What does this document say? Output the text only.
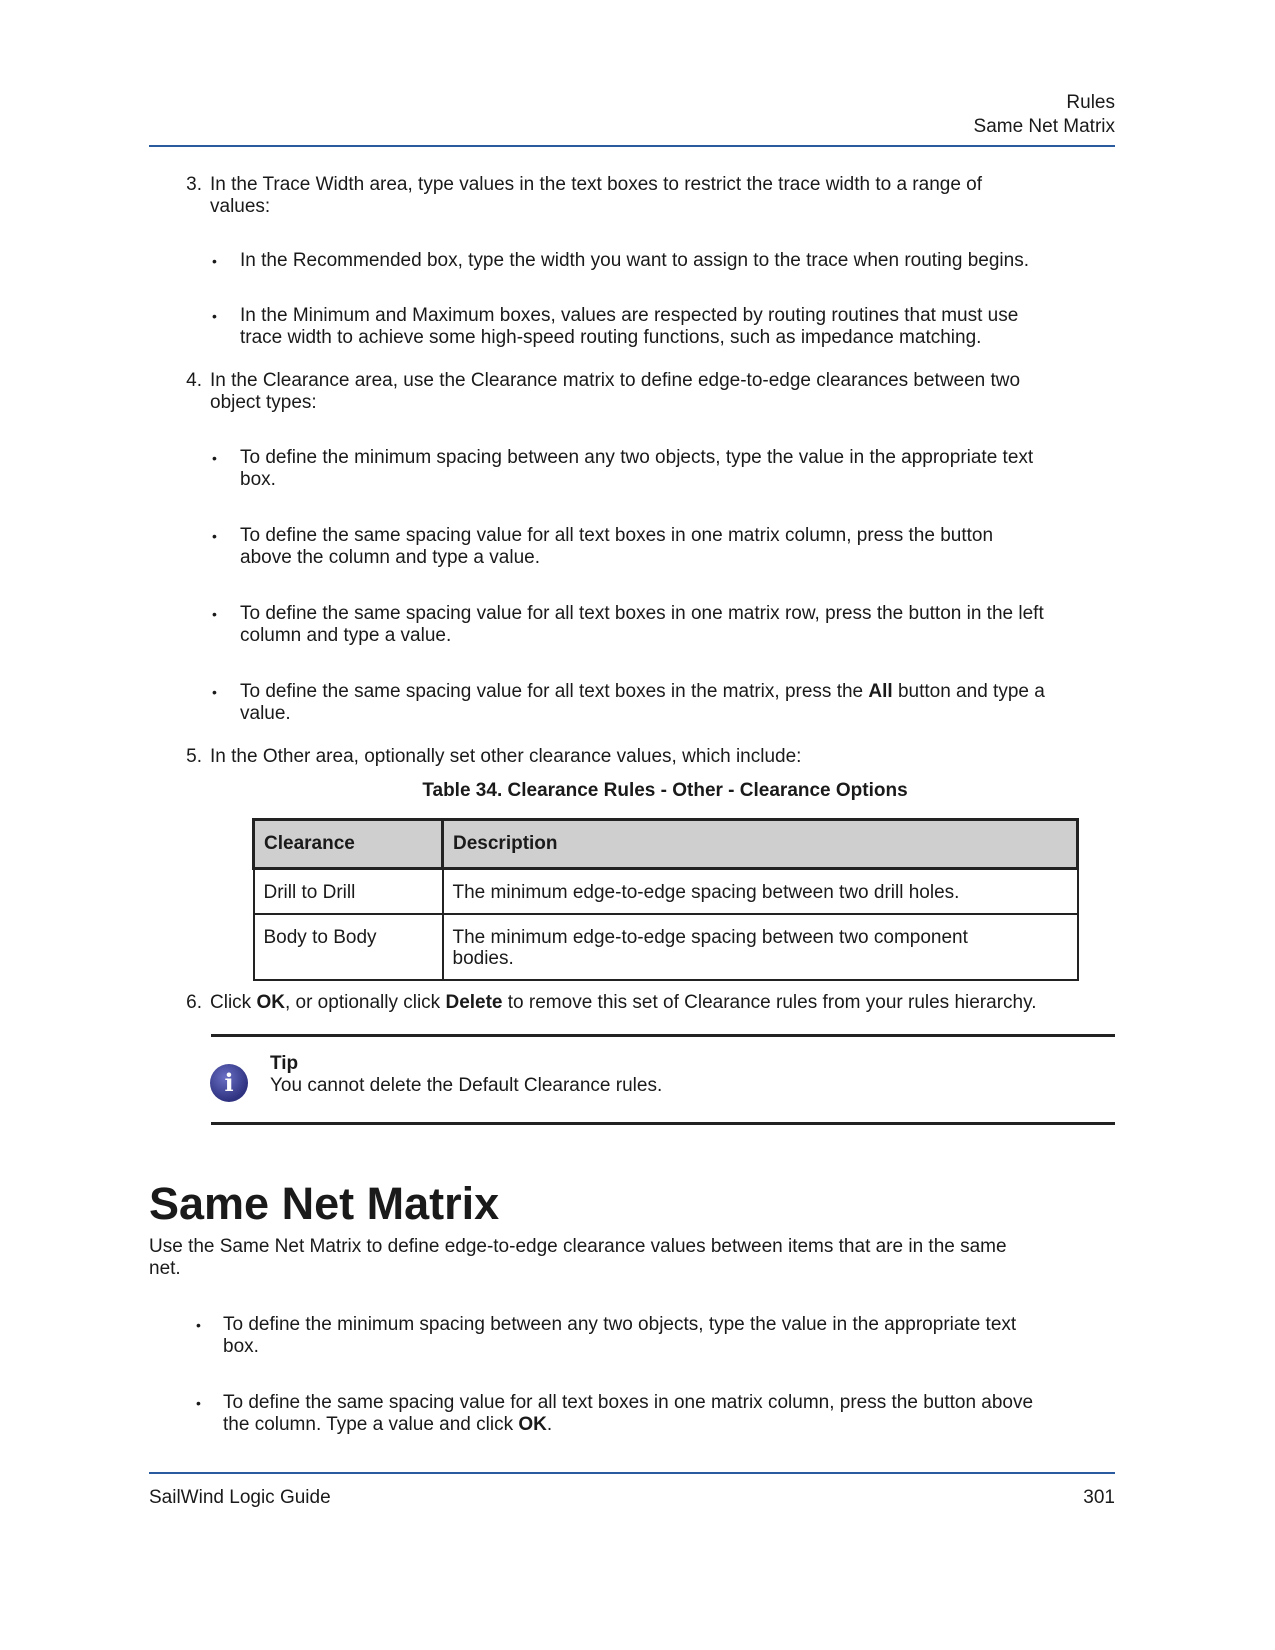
Rules
Same Net Matrix
3. In the Trace Width area, type values in the text boxes to restrict the trace width to a range of
values:
• In the Recommended box, type the width you want to assign to the trace when routing begins.
• In the Minimum and Maximum boxes, values are respected by routing routines that must use
trace width to achieve some high-speed routing functions, such as impedance matching.
4. In the Clearance area, use the Clearance matrix to define edge-to-edge clearances between two
object types:
• To define the minimum spacing between any two objects, type the value in the appropriate text
box.
• To define the same spacing value for all text boxes in one matrix column, press the button
above the column and type a value.
• To define the same spacing value for all text boxes in one matrix row, press the button in the left
column and type a value.
• To define the same spacing value for all text boxes in the matrix, press the All button and type a
value.
5. In the Other area, optionally set other clearance values, which include:
Table 34. Clearance Rules - Other - Clearance Options
Clearance	Description
Drill to Drill	The minimum edge-to-edge spacing between two drill holes.
Body to Body	The minimum edge-to-edge spacing between two component
bodies.
6. Click OK, or optionally click Delete to remove this set of Clearance rules from your rules hierarchy.
i
Tip
You cannot delete the Default Clearance rules.
Same Net Matrix
Use the Same Net Matrix to define edge-to-edge clearance values between items that are in the same
net.
• To define the minimum spacing between any two objects, type the value in the appropriate text
box.
• To define the same spacing value for all text boxes in one matrix column, press the button above
the column. Type a value and click OK.
SailWind Logic Guide	301
